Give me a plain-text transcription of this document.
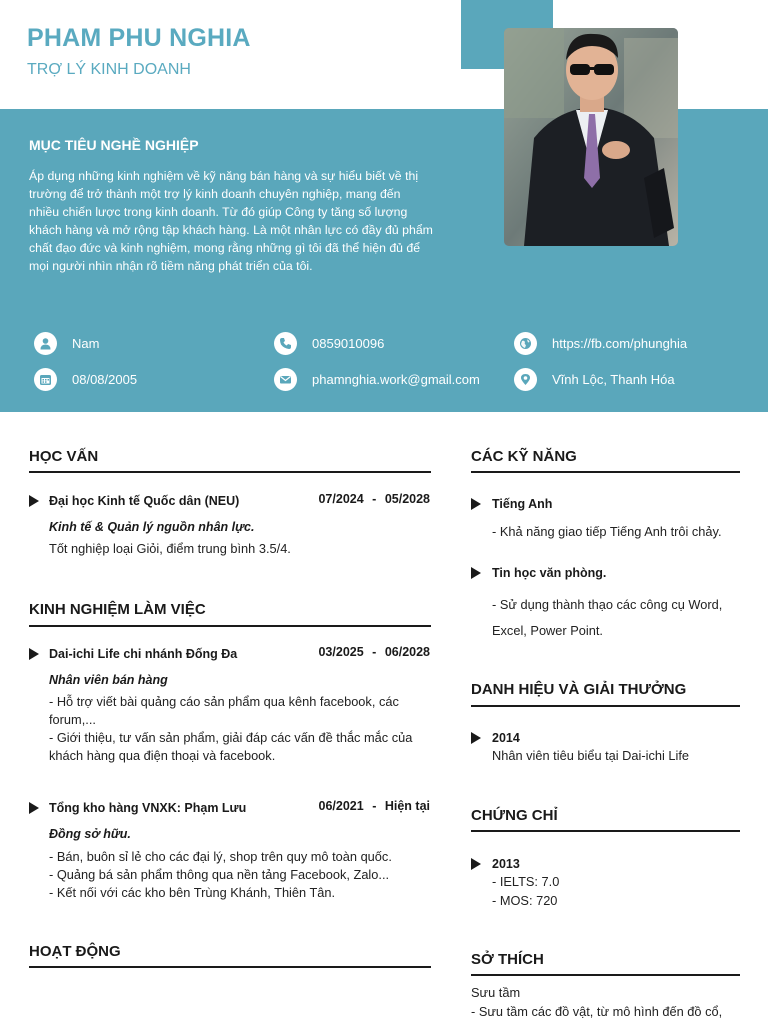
PHAM PHU NGHIA
TRỢ LÝ KINH DOANH
MỤC TIÊU NGHỀ NGHIỆP
Áp dụng những kinh nghiệm về kỹ năng bán hàng và sự hiểu biết về thị trường để trở thành một trợ lý kinh doanh chuyên nghiệp, mang đến nhiều chiến lược trong kinh doanh. Từ đó giúp Công ty tăng số lượng khách hàng và mở rộng tập khách hàng. Là một nhân lực có đầy đủ phẩm chất đạo đức và kinh nghiệm, mong rằng những gì tôi đã thể hiện đủ để mọi người nhìn nhận rõ tiềm năng phát triển của tôi.
Nam	0859010096	https://fb.com/phunghia
08/08/2005	phamnghia.work@gmail.com	Vĩnh Lộc, Thanh Hóa
HỌC VẤN
Đại học Kinh tế Quốc dân (NEU)	07/2024 - 05/2028
Kinh tế & Quản lý nguồn nhân lực.
Tốt nghiệp loại Giỏi, điểm trung bình 3.5/4.
KINH NGHIỆM LÀM VIỆC
Dai-ichi Life chi nhánh Đống Đa	03/2025 - 06/2028
Nhân viên bán hàng
- Hỗ trợ viết bài quảng cáo sản phẩm qua kênh facebook, các forum,...
- Giới thiệu, tư vấn sản phẩm, giải đáp các vấn đề thắc mắc của khách hàng qua điện thoại và facebook.
Tổng kho hàng VNXK: Phạm Lưu	06/2021 - Hiện tại
Đồng sở hữu.
- Bán, buôn sỉ lẻ cho các đại lý, shop trên quy mô toàn quốc.
- Quảng bá sản phẩm thông qua nền tảng Facebook, Zalo...
- Kết nối với các kho bên Trùng Khánh, Thiên Tân.
HOẠT ĐỘNG
CÁC KỸ NĂNG
Tiếng Anh
- Khả năng giao tiếp Tiếng Anh trôi chảy.
Tin học văn phòng.
- Sử dụng thành thạo các công cụ Word, Excel, Power Point.
DANH HIỆU VÀ GIẢI THƯỞNG
2014
Nhân viên tiêu biểu tại Dai-ichi Life
CHỨNG CHỈ
2013
- IELTS: 7.0
- MOS: 720
SỞ THÍCH
Sưu tầm
- Sưu tầm các đồ vật, từ mô hình đến đồ cổ,
